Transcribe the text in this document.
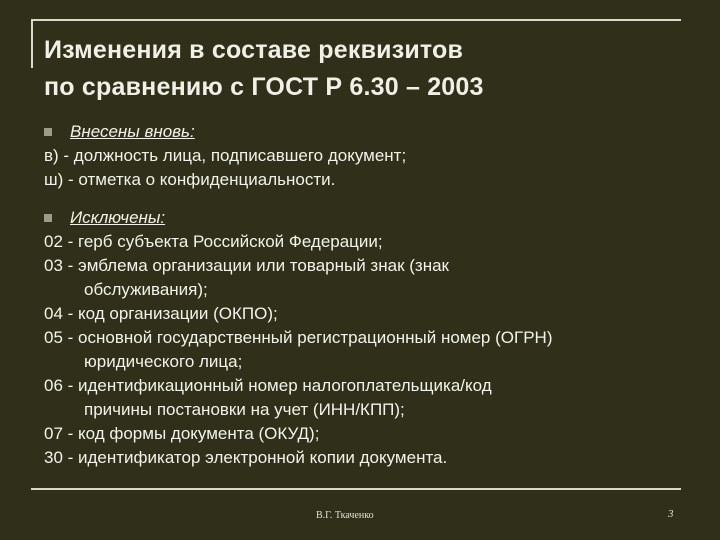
Изменения в составе реквизитов
по сравнению с ГОСТ Р 6.30 – 2003
Внесены вновь:
в) - должность лица, подписавшего документ;
ш) - отметка о конфиденциальности.
Исключены:
02 - герб субъекта Российской Федерации;
03 - эмблема организации или товарный знак (знак
обслуживания);
04 - код организации (ОКПО);
05 - основной государственный регистрационный номер (ОГРН)
юридического лица;
06 - идентификационный номер налогоплательщика/код
причины постановки на учет (ИНН/КПП);
07 - код формы документа (ОКУД);
30 - идентификатор электронной копии документа.
В.Г. Ткаченко	3
